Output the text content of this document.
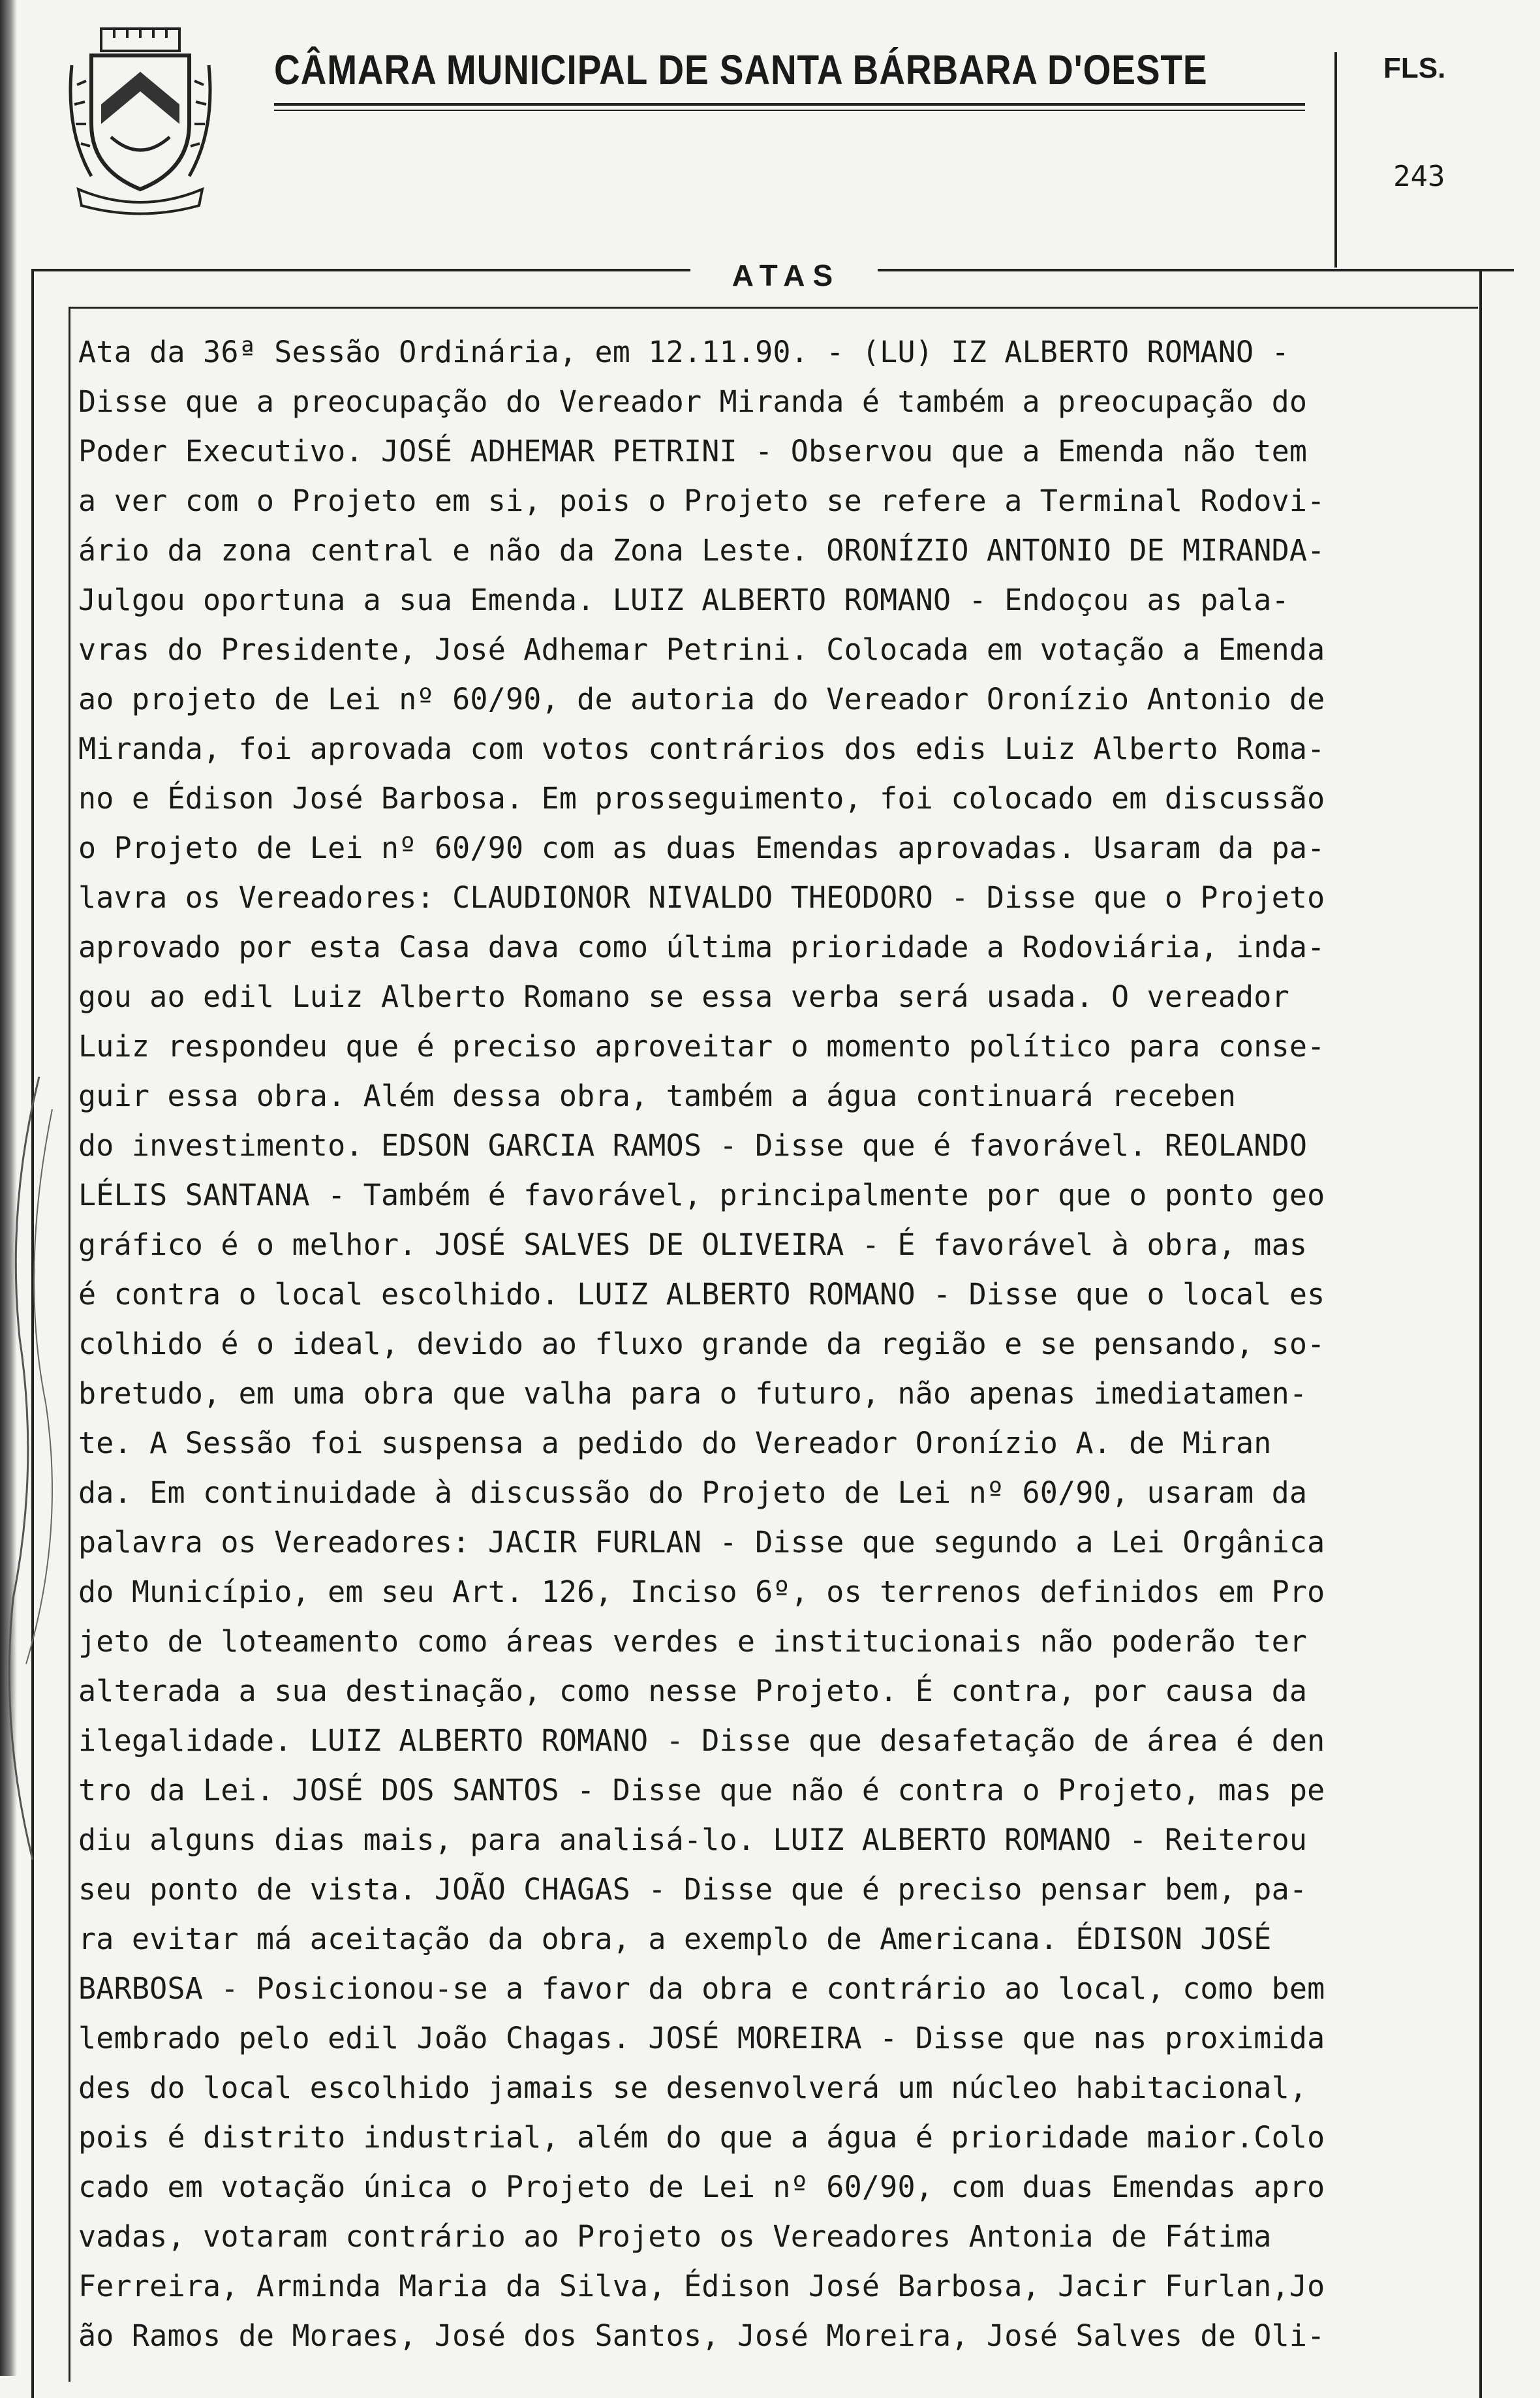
CÂMARA MUNICIPAL DE SANTA BÁRBARA D'OESTE	FLS.
243
ATAS
Ata da 36ª Sessão Ordinária, em 12.11.90. - (LU) IZ ALBERTO ROMANO -
Disse que a preocupação do Vereador Miranda é também a preocupação do
Poder Executivo. JOSÉ ADHEMAR PETRINI - Observou que a Emenda não tem
a ver com o Projeto em si, pois o Projeto se refere a Terminal Rodovi-
ário da zona central e não da Zona Leste. ORONÍZIO ANTONIO DE MIRANDA-
Julgou oportuna a sua Emenda. LUIZ ALBERTO ROMANO - Endoçou as pala-
vras do Presidente, José Adhemar Petrini. Colocada em votação a Emenda
ao projeto de Lei nº 60/90, de autoria do Vereador Oronízio Antonio de
Miranda, foi aprovada com votos contrários dos edis Luiz Alberto Roma-
no e Édison José Barbosa. Em prosseguimento, foi colocado em discussão
o Projeto de Lei nº 60/90 com as duas Emendas aprovadas. Usaram da pa-
lavra os Vereadores: CLAUDIONOR NIVALDO THEODORO - Disse que o Projeto
aprovado por esta Casa dava como última prioridade a Rodoviária, inda-
gou ao edil Luiz Alberto Romano se essa verba será usada. O vereador
Luiz respondeu que é preciso aproveitar o momento político para conse-
guir essa obra. Além dessa obra, também a água continuará receben
do investimento. EDSON GARCIA RAMOS - Disse que é favorável. REOLANDO
LÉLIS SANTANA - Também é favorável, principalmente por que o ponto geo
gráfico é o melhor. JOSÉ SALVES DE OLIVEIRA - É favorável à obra, mas
é contra o local escolhido. LUIZ ALBERTO ROMANO - Disse que o local es
colhido é o ideal, devido ao fluxo grande da região e se pensando, so-
bretudo, em uma obra que valha para o futuro, não apenas imediatamen-
te. A Sessão foi suspensa a pedido do Vereador Oronízio A. de Miran
da. Em continuidade à discussão do Projeto de Lei nº 60/90, usaram da
palavra os Vereadores: JACIR FURLAN - Disse que segundo a Lei Orgânica
do Município, em seu Art. 126, Inciso 6º, os terrenos definidos em Pro
jeto de loteamento como áreas verdes e institucionais não poderão ter
alterada a sua destinação, como nesse Projeto. É contra, por causa da
ilegalidade. LUIZ ALBERTO ROMANO - Disse que desafetação de área é den
tro da Lei. JOSÉ DOS SANTOS - Disse que não é contra o Projeto, mas pe
diu alguns dias mais, para analisá-lo. LUIZ ALBERTO ROMANO - Reiterou
seu ponto de vista. JOÃO CHAGAS - Disse que é preciso pensar bem, pa-
ra evitar má aceitação da obra, a exemplo de Americana. ÉDISON JOSÉ
BARBOSA - Posicionou-se a favor da obra e contrário ao local, como bem
lembrado pelo edil João Chagas. JOSÉ MOREIRA - Disse que nas proximida
des do local escolhido jamais se desenvolverá um núcleo habitacional,
pois é distrito industrial, além do que a água é prioridade maior.Colo
cado em votação única o Projeto de Lei nº 60/90, com duas Emendas apro
vadas, votaram contrário ao Projeto os Vereadores Antonia de Fátima
Ferreira, Arminda Maria da Silva, Édison José Barbosa, Jacir Furlan,Jo
ão Ramos de Moraes, José dos Santos, José Moreira, José Salves de Oli-
